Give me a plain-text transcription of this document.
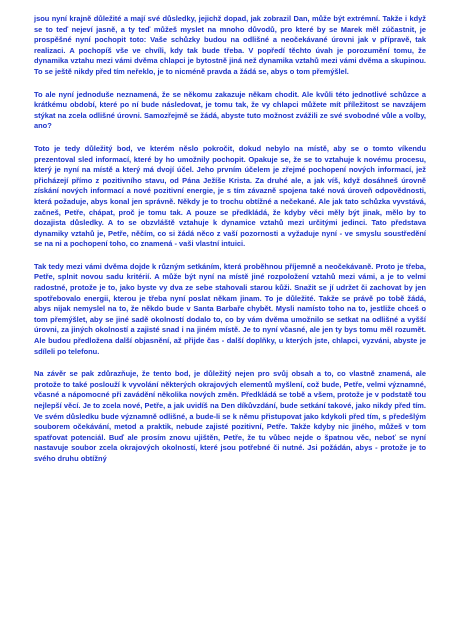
jsou nyní krajně důležité a mají své důsledky, jejichž dopad, jak zobrazil Dan, může být extrémní. Takže i když se to teď nejeví jasně, a ty teď můžeš myslet na mnoho důvodů, pro které by se Marek měl zúčastnit, je prospěšné nyní pochopit toto: Vaše schůzky budou na odlišné a neočekávané úrovni jak v přípravě, tak realizaci. A pochopíš vše ve chvíli, kdy tak bude třeba. V popředí těchto úvah je porozumění tomu, že dynamika vztahu mezi vámi dvěma chlapci je bytostně jiná než dynamika vztahů mezi vámi dvěma a skupinou. To se ještě nikdy před tím neřeklo, je to nicméně pravda a žádá se, abys o tom přemýšlel.

To ale nyní jednoduše neznamená, že se někomu zakazuje někam chodit. Ale kvůli této jednotlivé schůzce a krátkému období, které po ní bude následovat, je tomu tak, že vy chlapci můžete mít příležitost se navzájem stýkat na zcela odlišné úrovni. Samozřejmě se žádá, abyste tuto možnost zvážili ze své svobodné vůle a volby, ano?

Toto je tedy důležitý bod, ve kterém něslo pokročit, dokud nebylo na místě, aby se o tomto víkendu prezentoval sled informací, které by ho umožnily pochopit. Opakuje se, že se to vztahuje k novému procesu, který je nyní na místě a který má dvojí účel. Jeho prvním účelem je zřejmé pochopení nových informací, jež přicházejí přímo z pozitivního stavu, od Pána Ježíše Krista. Za druhé ale, a jak víš, když dosáhneš úrovně získání nových informací a nové pozitivní energie, je s tím závazně spojena také nová úroveň odpovědnosti, která požaduje, abys konal jen správně. Někdy je to trochu obtížné a nečekané. Ale jak tato schůzka vyvstává, začneš, Petře, chápat, proč je tomu tak. A pouze se předkládá, že kdyby věci měly být jinak, mělo by to dozajista důsledky. A to se obzvláště vztahuje k dynamice vztahů mezi určitými jedinci. Tato představa dynamiky vztahů je, Petře, něčím, co si žádá něco z vaší pozornosti a vyžaduje nyní - ve smyslu soustředění se na ni a pochopení toho, co znamená - vaši vlastní intuici.

Tak tedy mezi vámi dvěma dojde k různým setkáním, která proběhnou příjemně a neočekávaně. Proto je třeba, Petře, splnit novou sadu kritérií. A může být nyní na místě jiné rozpoložení vztahů mezi vámi, a je to velmi radostné, protože je to, jako byste vy dva ze sebe stahovali starou kůži. Snažit se jí udržet či zachovat by jen spotřebovalo energii, kterou je třeba nyní poslat někam jinam. To je důležité. Takže se právě po tobě žádá, abys nijak nemyslel na to, že někdo bude v Santa Barbaře chybět. Mysli namísto toho na to, jestliže chceš o tom přemýšlet, aby se jiné sadě okolností dodalo to, co by vám dvěma umožnilo se setkat na odlišné a vyšší úrovni, za jiných okolností a zajisté snad i na jiném místě. Je to nyní včasné, ale jen ty bys tomu měl rozumět. Ale budou předloženа další objasnění, až přijde čas - další doplňky, u kterých jste, chlapci, vyzváni, abyste je sdíleli po telefonu.

Na závěr se pak zdůrazňuje, že tento bod, je důležitý nejen pro svůj obsah a to, co vlastně znamená, ale protože to také poslouží k vyvolání některých okrajových elementů myšlení, což bude, Petře, velmi významné, včasné a nápomocné při zavádění několika nových změn. Předkládá se tobě a všem, protože je v podstatě tou nejlepší věcí. Je to zcela nové, Petře, a jak uvidíš na Den díkůvzdání, bude setkání takové, jako nikdy před tím. Ve svém důsledku bude významně odlišné, a bude-li se k němu přistupovat jako kdykoli před tím, s předešlým souborem očekávání, metod a praktik, nebude zajisté pozitivní, Petře. Takže kdyby nic jiného, můžeš v tom spatřovat potenciál. Buď ale prosím znovu ujištěn, Petře, že tu vůbec nejde o špatnou věc, neboť se nyní nastavuje soubor zcela okrajových okolností, které jsou potřebné či nutné. Jsi požádán, abys - protože je to svého druhu obtížný
